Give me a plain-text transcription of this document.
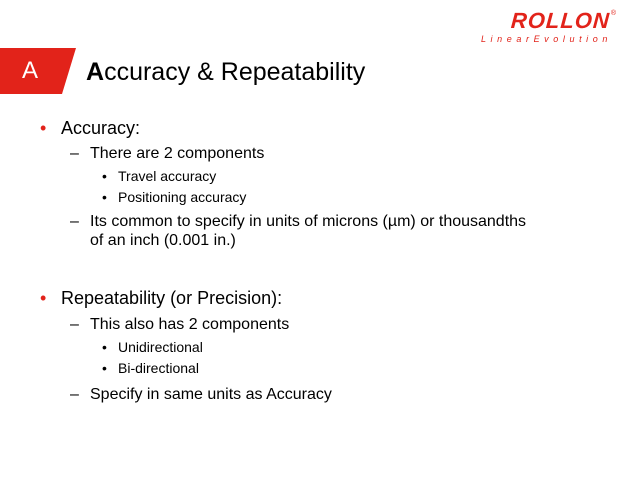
ROLLON®
LinearEvolution
A Accuracy & Repeatability
• Accuracy:
– There are 2 components
• Travel accuracy
• Positioning accuracy
– Its common to specify in units of microns (µm) or thousandths
of an inch (0.001 in.)
• Repeatability (or Precision):
– This also has 2 components
• Unidirectional
• Bi-directional
– Specify in same units as Accuracy
